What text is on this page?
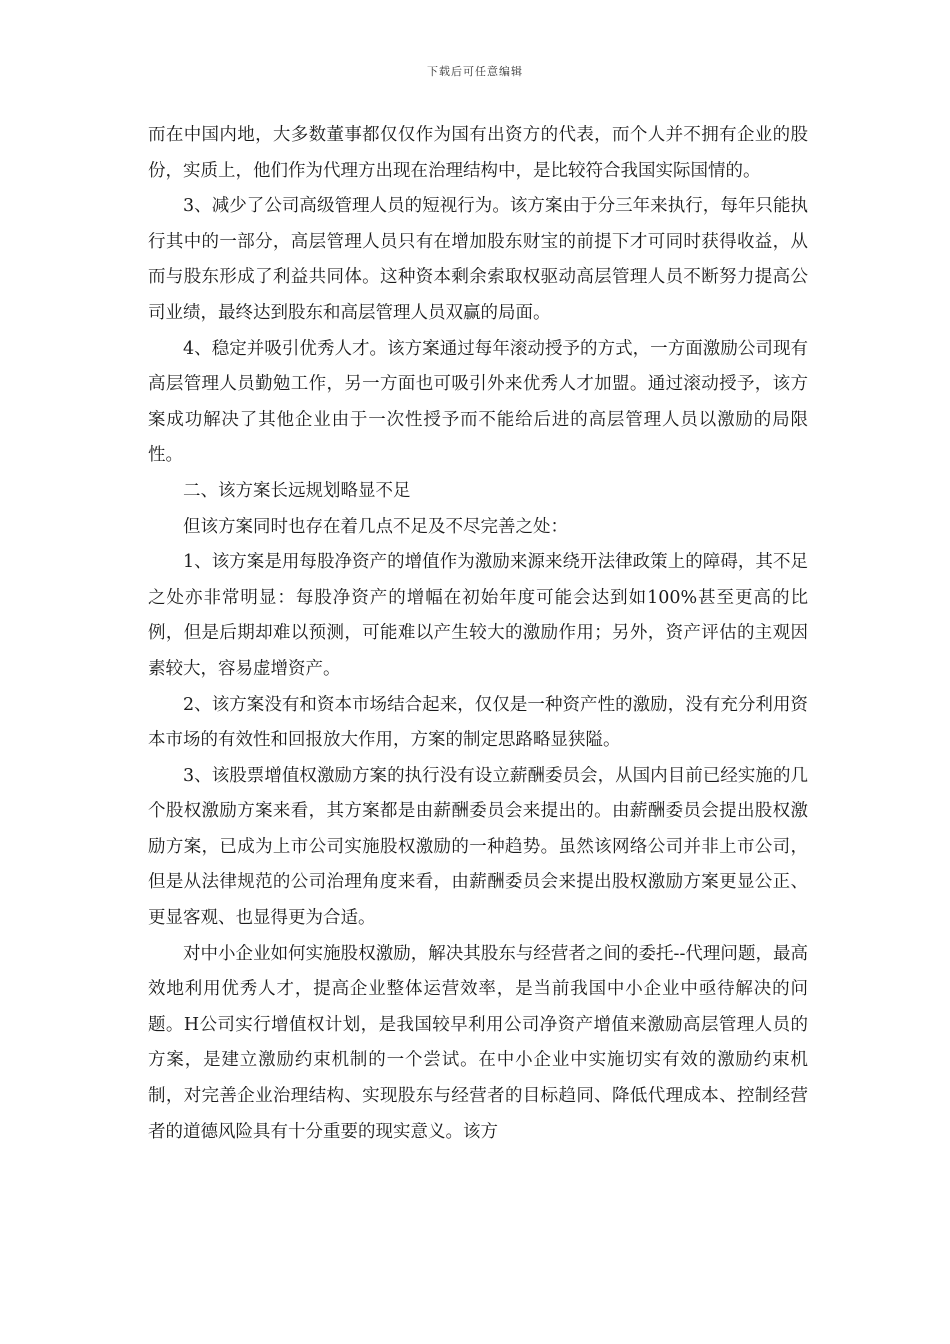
下载后可任意编辑

而在中国内地，大多数董事都仅仅作为国有出资方的代表，而个人并不拥有企业的股份，实质上，他们作为代理方出现在治理结构中，是比较符合我国实际国情的。

3、减少了公司高级管理人员的短视行为。该方案由于分三年来执行，每年只能执行其中的一部分，高层管理人员只有在增加股东财宝的前提下才可同时获得收益，从而与股东形成了利益共同体。这种资本剩余索取权驱动高层管理人员不断努力提高公司业绩，最终达到股东和高层管理人员双赢的局面。

4、稳定并吸引优秀人才。该方案通过每年滚动授予的方式，一方面激励公司现有高层管理人员勤勉工作，另一方面也可吸引外来优秀人才加盟。通过滚动授予，该方案成功解决了其他企业由于一次性授予而不能给后进的高层管理人员以激励的局限性。

二、该方案长远规划略显不足

但该方案同时也存在着几点不足及不尽完善之处：

1、该方案是用每股净资产的增值作为激励来源来绕开法律政策上的障碍，其不足之处亦非常明显：每股净资产的增幅在初始年度可能会达到如100%甚至更高的比例，但是后期却难以预测，可能难以产生较大的激励作用；另外，资产评估的主观因素较大，容易虚增资产。

2、该方案没有和资本市场结合起来，仅仅是一种资产性的激励，没有充分利用资本市场的有效性和回报放大作用，方案的制定思路略显狭隘。

3、该股票增值权激励方案的执行没有设立薪酬委员会，从国内目前已经实施的几个股权激励方案来看，其方案都是由薪酬委员会来提出的。由薪酬委员会提出股权激励方案，已成为上市公司实施股权激励的一种趋势。虽然该网络公司并非上市公司，但是从法律规范的公司治理角度来看，由薪酬委员会来提出股权激励方案更显公正、更显客观、也显得更为合适。

对中小企业如何实施股权激励，解决其股东与经营者之间的委托--代理问题，最高效地利用优秀人才，提高企业整体运营效率，是当前我国中小企业中亟待解决的问题。H公司实行增值权计划，是我国较早利用公司净资产增值来激励高层管理人员的方案，是建立激励约束机制的一个尝试。在中小企业中实施切实有效的激励约束机制，对完善企业治理结构、实现股东与经营者的目标趋同、降低代理成本、控制经营者的道德风险具有十分重要的现实意义。该方
